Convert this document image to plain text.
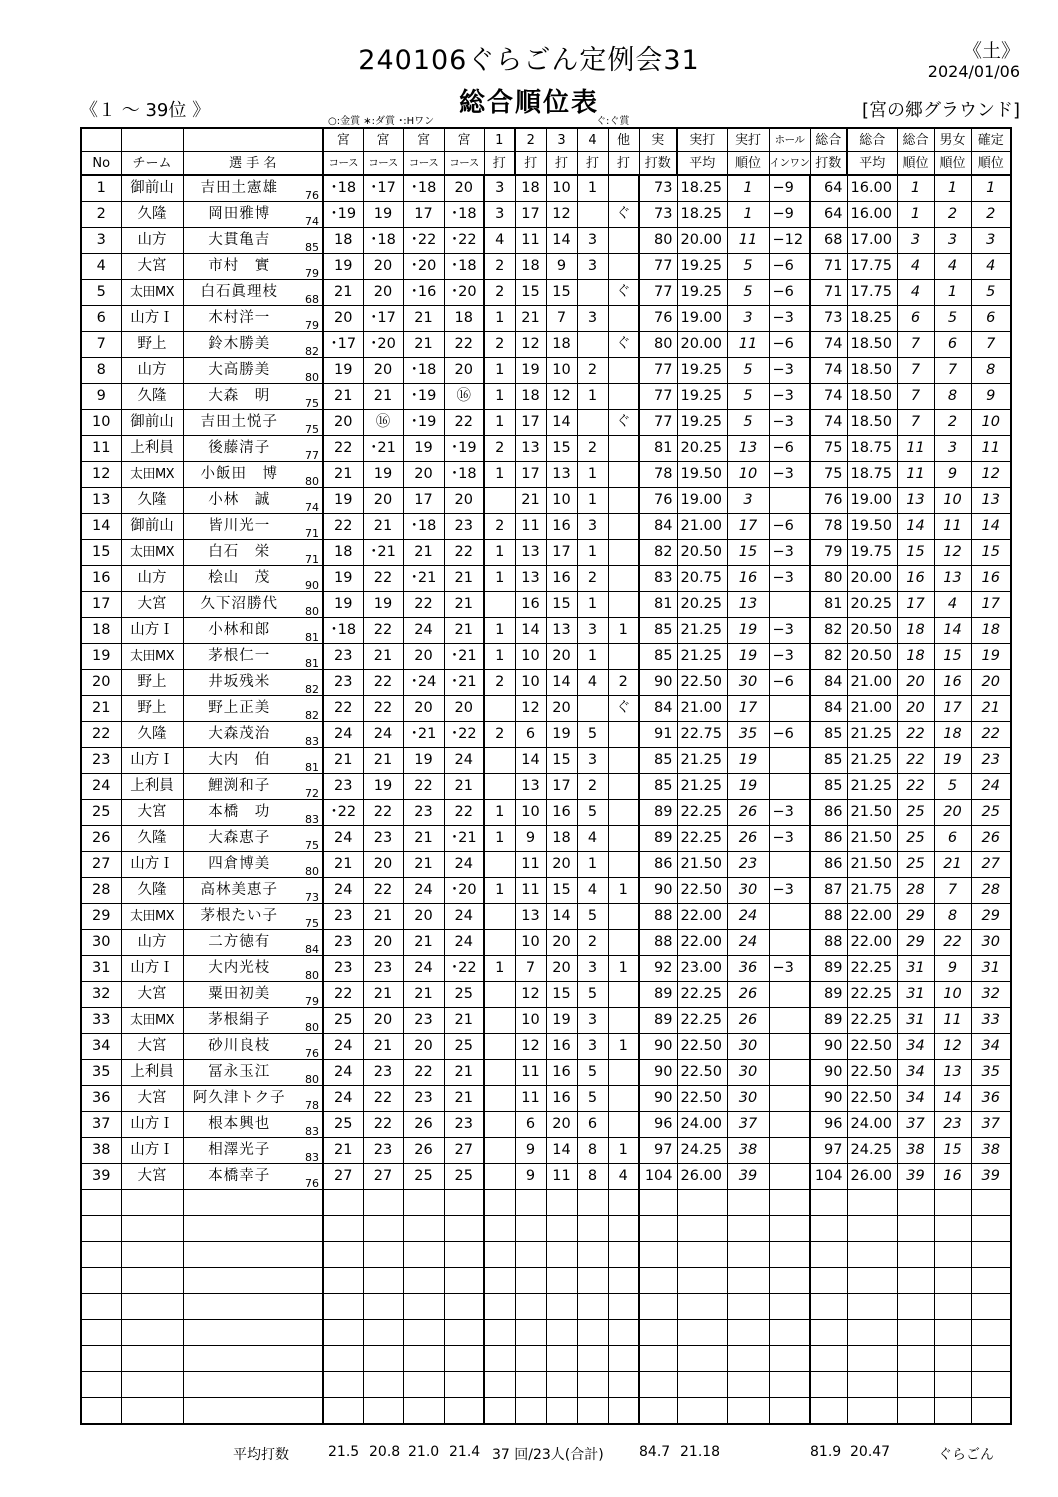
240106ぐらごん定例会31	《土》
2024/01/06
《１ ～ 39位 》	総合順位表	[宮の郷グラウンド]
○:金賞 ∗:ダ賞 ･:Hワン	ぐ:ぐ賞
				宮	宮	宮	宮	1	2	3	4	他	実	実打	実打	ホール	総合	総合	総合	男女	確定
No	チーム	選 手 名		コース	コース	コース	コース	打	打	打	打	打	打数	平均	順位	インワン	打数	平均	順位	順位	順位
1	御前山	吉田土憲雄	76	･18	･17	･18	20	3	18	10	1		73	18.25	1	−9	64	16.00	1	1	1
2	久隆	岡田雅博	74	･19	19	17	･18	3	17	12		ぐ	73	18.25	1	−9	64	16.00	1	2	2
3	山方	大貫亀吉	85	18	･18	･22	･22	4	11	14	3		80	20.00	11	−12	68	17.00	3	3	3
4	大宮	市村　實	79	19	20	･20	･18	2	18	9	3		77	19.25	5	−6	71	17.75	4	4	4
5	太田MX	白石眞理枝	68	21	20	･16	･20	2	15	15		ぐ	77	19.25	5	−6	71	17.75	4	1	5
6	山方Ｉ	木村洋一	79	20	･17	21	18	1	21	7	3		76	19.00	3	−3	73	18.25	6	5	6
7	野上	鈴木勝美	82	･17	･20	21	22	2	12	18		ぐ	80	20.00	11	−6	74	18.50	7	6	7
8	山方	大高勝美	80	19	20	･18	20	1	19	10	2		77	19.25	5	−3	74	18.50	7	7	8
9	久隆	大森　明	75	21	21	･19	⑯	1	18	12	1		77	19.25	5	−3	74	18.50	7	8	9
10	御前山	吉田土悦子	75	20	⑯	･19	22	1	17	14		ぐ	77	19.25	5	−3	74	18.50	7	2	10
11	上利員	後藤清子	77	22	･21	19	･19	2	13	15	2		81	20.25	13	−6	75	18.75	11	3	11
12	太田MX	小飯田　博	80	21	19	20	･18	1	17	13	1		78	19.50	10	−3	75	18.75	11	9	12
13	久隆	小林　誠	74	19	20	17	20		21	10	1		76	19.00	3		76	19.00	13	10	13
14	御前山	皆川光一	71	22	21	･18	23	2	11	16	3		84	21.00	17	−6	78	19.50	14	11	14
15	太田MX	白石　栄	71	18	･21	21	22	1	13	17	1		82	20.50	15	−3	79	19.75	15	12	15
16	山方	桧山　茂	90	19	22	･21	21	1	13	16	2		83	20.75	16	−3	80	20.00	16	13	16
17	大宮	久下沼勝代	80	19	19	22	21		16	15	1		81	20.25	13		81	20.25	17	4	17
18	山方Ｉ	小林和郎	81	･18	22	24	21	1	14	13	3	1	85	21.25	19	−3	82	20.50	18	14	18
19	太田MX	茅根仁一	81	23	21	20	･21	1	10	20	1		85	21.25	19	−3	82	20.50	18	15	19
20	野上	井坂残米	82	23	22	･24	･21	2	10	14	4	2	90	22.50	30	−6	84	21.00	20	16	20
21	野上	野上正美	82	22	22	20	20		12	20		ぐ	84	21.00	17		84	21.00	20	17	21
22	久隆	大森茂治	83	24	24	･21	･22	2	6	19	5		91	22.75	35	−6	85	21.25	22	18	22
23	山方Ｉ	大内　伯	81	21	21	19	24		14	15	3		85	21.25	19		85	21.25	22	19	23
24	上利員	鯉渕和子	72	23	19	22	21		13	17	2		85	21.25	19		85	21.25	22	5	24
25	大宮	本橋　功	83	･22	22	23	22	1	10	16	5		89	22.25	26	−3	86	21.50	25	20	25
26	久隆	大森恵子	75	24	23	21	･21	1	9	18	4		89	22.25	26	−3	86	21.50	25	6	26
27	山方Ｉ	四倉博美	80	21	20	21	24		11	20	1		86	21.50	23		86	21.50	25	21	27
28	久隆	高林美恵子	73	24	22	24	･20	1	11	15	4	1	90	22.50	30	−3	87	21.75	28	7	28
29	太田MX	茅根たい子	75	23	21	20	24		13	14	5		88	22.00	24		88	22.00	29	8	29
30	山方	二方徳有	84	23	20	21	24		10	20	2		88	22.00	24		88	22.00	29	22	30
31	山方Ｉ	大内光枝	80	23	23	24	･22	1	7	20	3	1	92	23.00	36	−3	89	22.25	31	9	31
32	大宮	粟田初美	79	22	21	21	25		12	15	5		89	22.25	26		89	22.25	31	10	32
33	太田MX	茅根絹子	80	25	20	23	21		10	19	3		89	22.25	26		89	22.25	31	11	33
34	大宮	砂川良枝	76	24	21	20	25		12	16	3	1	90	22.50	30		90	22.50	34	12	34
35	上利員	冨永玉江	80	24	23	22	21		11	16	5		90	22.50	30		90	22.50	34	13	35
36	大宮	阿久津トク子	78	24	22	23	21		11	16	5		90	22.50	30		90	22.50	34	14	36
37	山方Ｉ	根本興也	83	25	22	26	23		6	20	6		96	24.00	37		96	24.00	37	23	37
38	山方Ｉ	相澤光子	83	21	23	26	27		9	14	8	1	97	24.25	38		97	24.25	38	15	38
39	大宮	本橋幸子	76	27	27	25	25		9	11	8	4	104	26.00	39		104	26.00	39	16	39

平均打数	21.5 20.8 21.0 21.4 37 回/23人(合計)	84.7 21.18	81.9 20.47	ぐらごん
